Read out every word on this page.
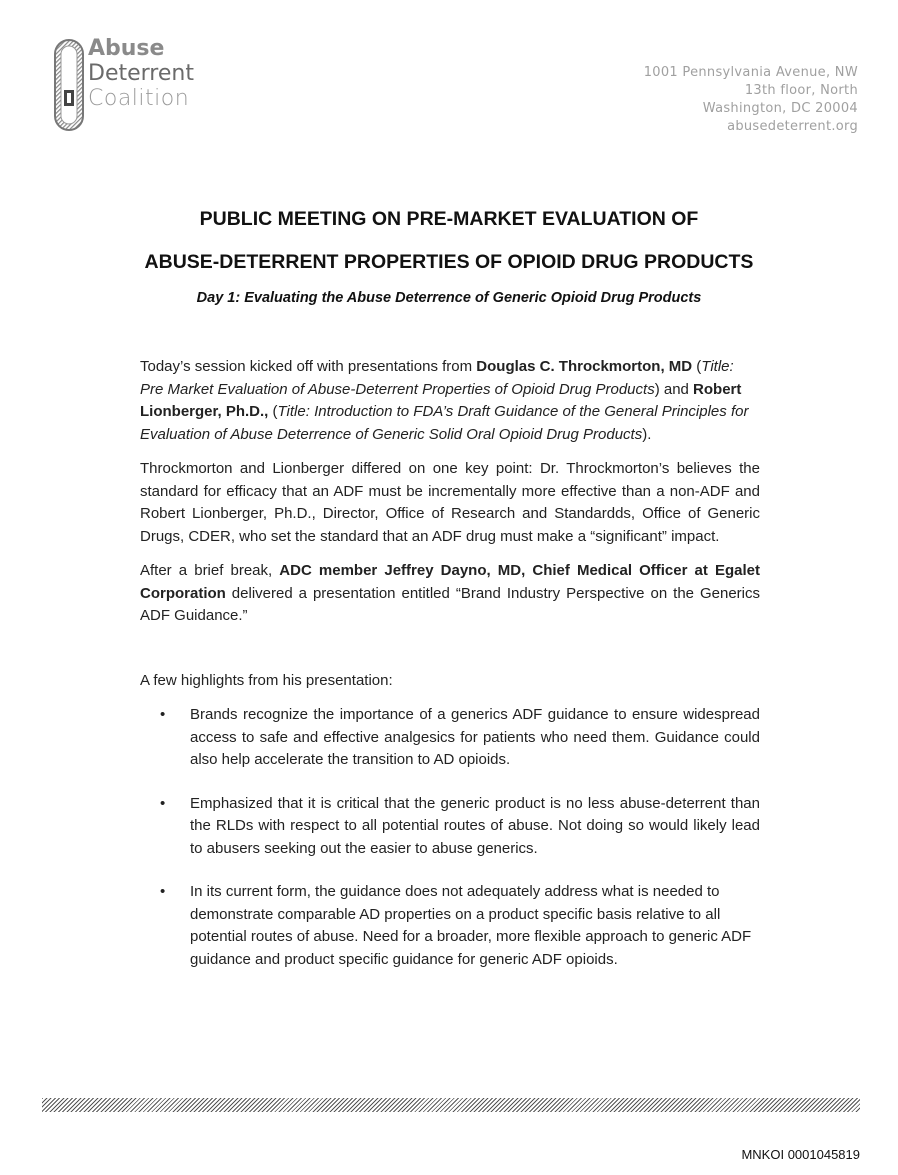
Abuse
Deterrent
Coalition
1001 Pennsylvania Avenue, NW
13th floor, North
Washington, DC 20004
abusedeterrent.org
PUBLIC MEETING ON PRE-MARKET EVALUATION OF
ABUSE-DETERRENT PROPERTIES OF OPIOID DRUG PRODUCTS
Day 1: Evaluating the Abuse Deterrence of Generic Opioid Drug Products

Today’s session kicked off with presentations from Douglas C. Throckmorton, MD (Title: Pre Market Evaluation of Abuse-Deterrent Properties of Opioid Drug Products) and Robert Lionberger, Ph.D., (Title: Introduction to FDA’s Draft Guidance of the General Principles for Evaluation of Abuse Deterrence of Generic Solid Oral Opioid Drug Products).

Throckmorton and Lionberger differed on one key point: Dr. Throckmorton’s believes the standard for efficacy that an ADF must be incrementally more effective than a non-ADF and Robert Lionberger, Ph.D., Director, Office of Research and Standardds, Office of Generic Drugs, CDER, who set the standard that an ADF drug must make a “significant” impact.

After a brief break, ADC member Jeffrey Dayno, MD, Chief Medical Officer at Egalet Corporation delivered a presentation entitled “Brand Industry Perspective on the Generics ADF Guidance.”

A few highlights from his presentation:

• Brands recognize the importance of a generics ADF guidance to ensure widespread access to safe and effective analgesics for patients who need them. Guidance could also help accelerate the transition to AD opioids.
• Emphasized that it is critical that the generic product is no less abuse-deterrent than the RLDs with respect to all potential routes of abuse. Not doing so would likely lead to abusers seeking out the easier to abuse generics.
• In its current form, the guidance does not adequately address what is needed to demonstrate comparable AD properties on a product specific basis relative to all potential routes of abuse. Need for a broader, more flexible approach to generic ADF guidance and product specific guidance for generic ADF opioids.
MNKOI 0001045819
